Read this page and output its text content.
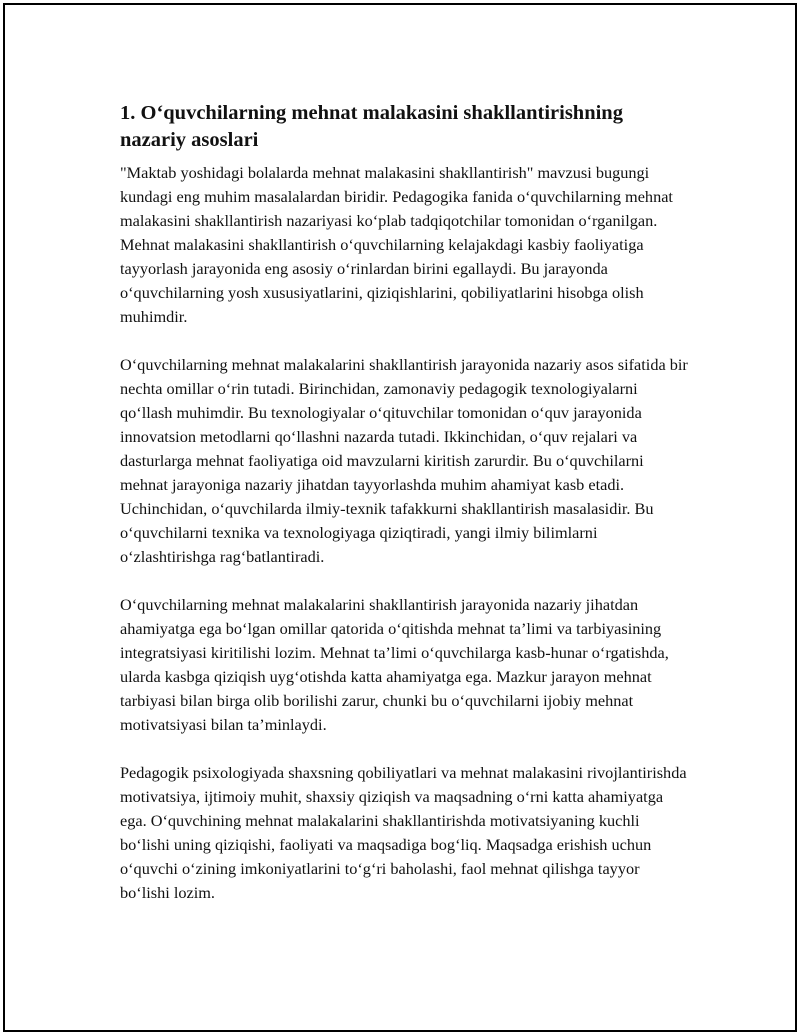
1. O‘quvchilarning mehnat malakasini shakllantirishning nazariy asoslari

"Maktab yoshidagi bolalarda mehnat malakasini shakllantirish" mavzusi bugungi kundagi eng muhim masalalardan biridir. Pedagogika fanida o‘quvchilarning mehnat malakasini shakllantirish nazariyasi ko‘plab tadqiqotchilar tomonidan o‘rganilgan. Mehnat malakasini shakllantirish o‘quvchilarning kelajakdagi kasbiy faoliyatiga tayyorlash jarayonida eng asosiy o‘rinlardan birini egallaydi. Bu jarayonda o‘quvchilarning yosh xususiyatlarini, qiziqishlarini, qobiliyatlarini hisobga olish muhimdir.

O‘quvchilarning mehnat malakalarini shakllantirish jarayonida nazariy asos sifatida bir nechta omillar o‘rin tutadi. Birinchidan, zamonaviy pedagogik texnologiyalarni qo‘llash muhimdir. Bu texnologiyalar o‘qituvchilar tomonidan o‘quv jarayonida innovatsion metodlarni qo‘llashni nazarda tutadi. Ikkinchidan, o‘quv rejalari va dasturlarga mehnat faoliyatiga oid mavzularni kiritish zarurdir. Bu o‘quvchilarni mehnat jarayoniga nazariy jihatdan tayyorlashda muhim ahamiyat kasb etadi. Uchinchidan, o‘quvchilarda ilmiy-texnik tafakkurni shakllantirish masalasidir. Bu o‘quvchilarni texnika va texnologiyaga qiziqtiradi, yangi ilmiy bilimlarni o‘zlashtirishga rag‘batlantiradi.

O‘quvchilarning mehnat malakalarini shakllantirish jarayonida nazariy jihatdan ahamiyatga ega bo‘lgan omillar qatorida o‘qitishda mehnat ta’limi va tarbiyasining integratsiyasi kiritilishi lozim. Mehnat ta’limi o‘quvchilarga kasb-hunar o‘rgatishda, ularda kasbga qiziqish uyg‘otishda katta ahamiyatga ega. Mazkur jarayon mehnat tarbiyasi bilan birga olib borilishi zarur, chunki bu o‘quvchilarni ijobiy mehnat motivatsiyasi bilan ta’minlaydi.

Pedagogik psixologiyada shaxsning qobiliyatlari va mehnat malakasini rivojlantirishda motivatsiya, ijtimoiy muhit, shaxsiy qiziqish va maqsadning o‘rni katta ahamiyatga ega. O‘quvchining mehnat malakalarini shakllantirishda motivatsiyaning kuchli bo‘lishi uning qiziqishi, faoliyati va maqsadiga bog‘liq. Maqsadga erishish uchun o‘quvchi o‘zining imkoniyatlarini to‘g‘ri baholashi, faol mehnat qilishga tayyor bo‘lishi lozim.
